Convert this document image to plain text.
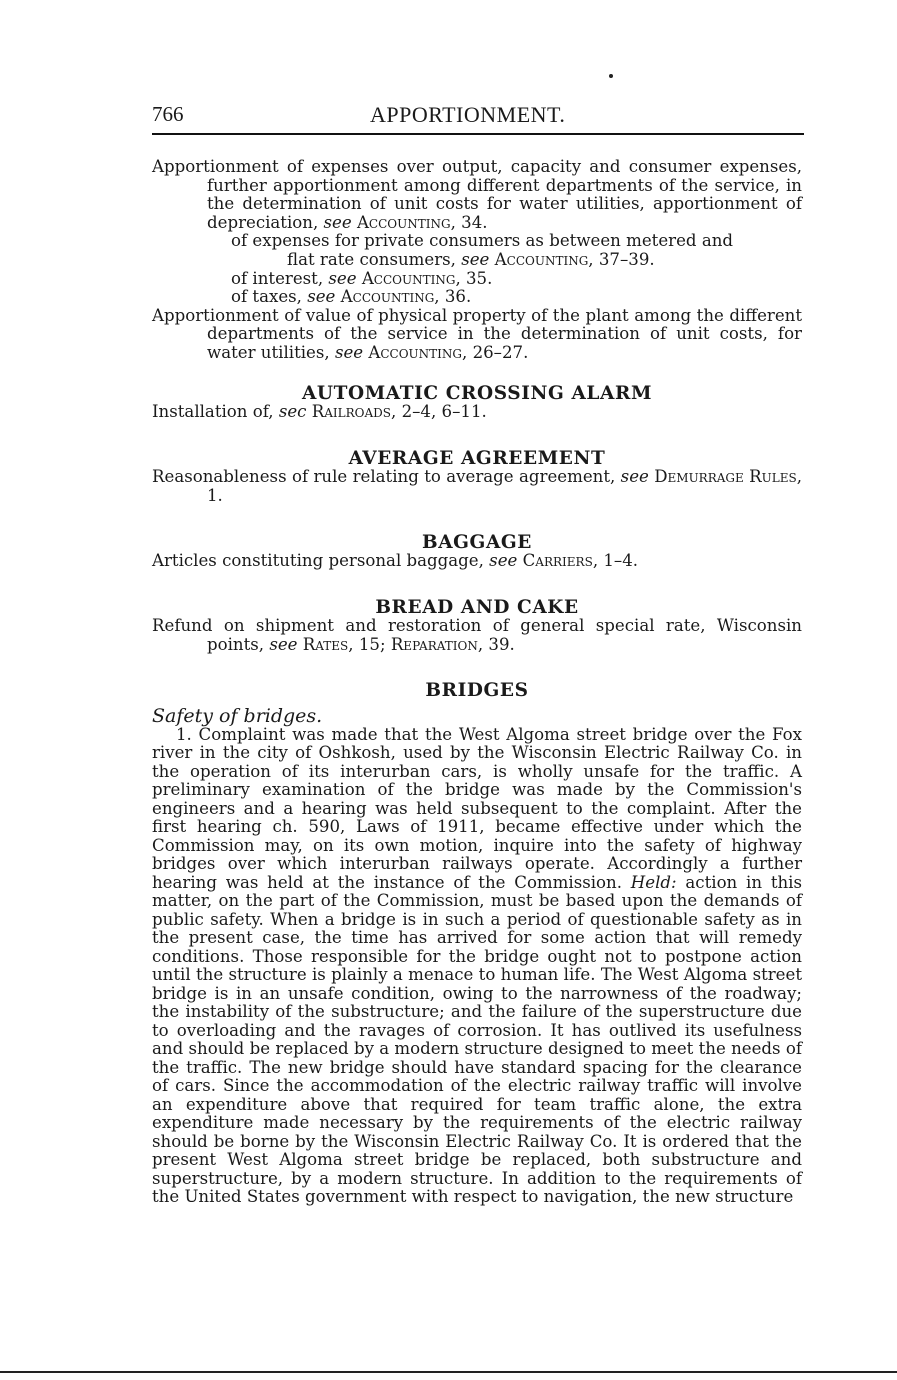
766	APPORTIONMENT.

Apportionment of expenses over output, capacity and consumer expenses, further apportionment among different departments of the service, in the determination of unit costs for water utilities, apportionment of depreciation, see Accounting, 34.

of expenses for private consumers as between metered and

flat rate consumers, see Accounting, 37–39.

of interest, see Accounting, 35.

of taxes, see Accounting, 36.

Apportionment of value of physical property of the plant among the different departments of the service in the determination of unit costs, for water utilities, see Accounting, 26–27.

AUTOMATIC CROSSING ALARM

Installation of, sec Railroads, 2–4, 6–11.

AVERAGE AGREEMENT

Reasonableness of rule relating to average agreement, see Demurrage Rules, 1.

BAGGAGE

Articles constituting personal baggage, see Carriers, 1–4.

BREAD AND CAKE

Refund on shipment and restoration of general special rate, Wisconsin points, see Rates, 15; Reparation, 39.

BRIDGES

Safety of bridges.

1. Complaint was made that the West Algoma street bridge over the Fox river in the city of Oshkosh, used by the Wisconsin Electric Railway Co. in the operation of its interurban cars, is wholly unsafe for the traffic. A preliminary examination of the bridge was made by the Commission's engineers and a hearing was held subsequent to the complaint. After the first hearing ch. 590, Laws of 1911, became effective under which the Commission may, on its own motion, inquire into the safety of highway bridges over which interurban railways operate. Accordingly a further hearing was held at the instance of the Commission. Held: action in this matter, on the part of the Commission, must be based upon the demands of public safety. When a bridge is in such a period of questionable safety as in the present case, the time has arrived for some action that will remedy conditions. Those responsible for the bridge ought not to postpone action until the structure is plainly a menace to human life. The West Algoma street bridge is in an unsafe condition, owing to the narrowness of the roadway; the instability of the substructure; and the failure of the superstructure due to overloading and the ravages of corrosion. It has outlived its usefulness and should be replaced by a modern structure designed to meet the needs of the traffic. The new bridge should have standard spacing for the clearance of cars. Since the accommodation of the electric railway traffic will involve an expenditure above that required for team traffic alone, the extra expenditure made necessary by the requirements of the electric railway should be borne by the Wisconsin Electric Railway Co. It is ordered that the present West Algoma street bridge be replaced, both substructure and superstructure, by a modern structure. In addition to the requirements of the United States government with respect to navigation, the new structure
